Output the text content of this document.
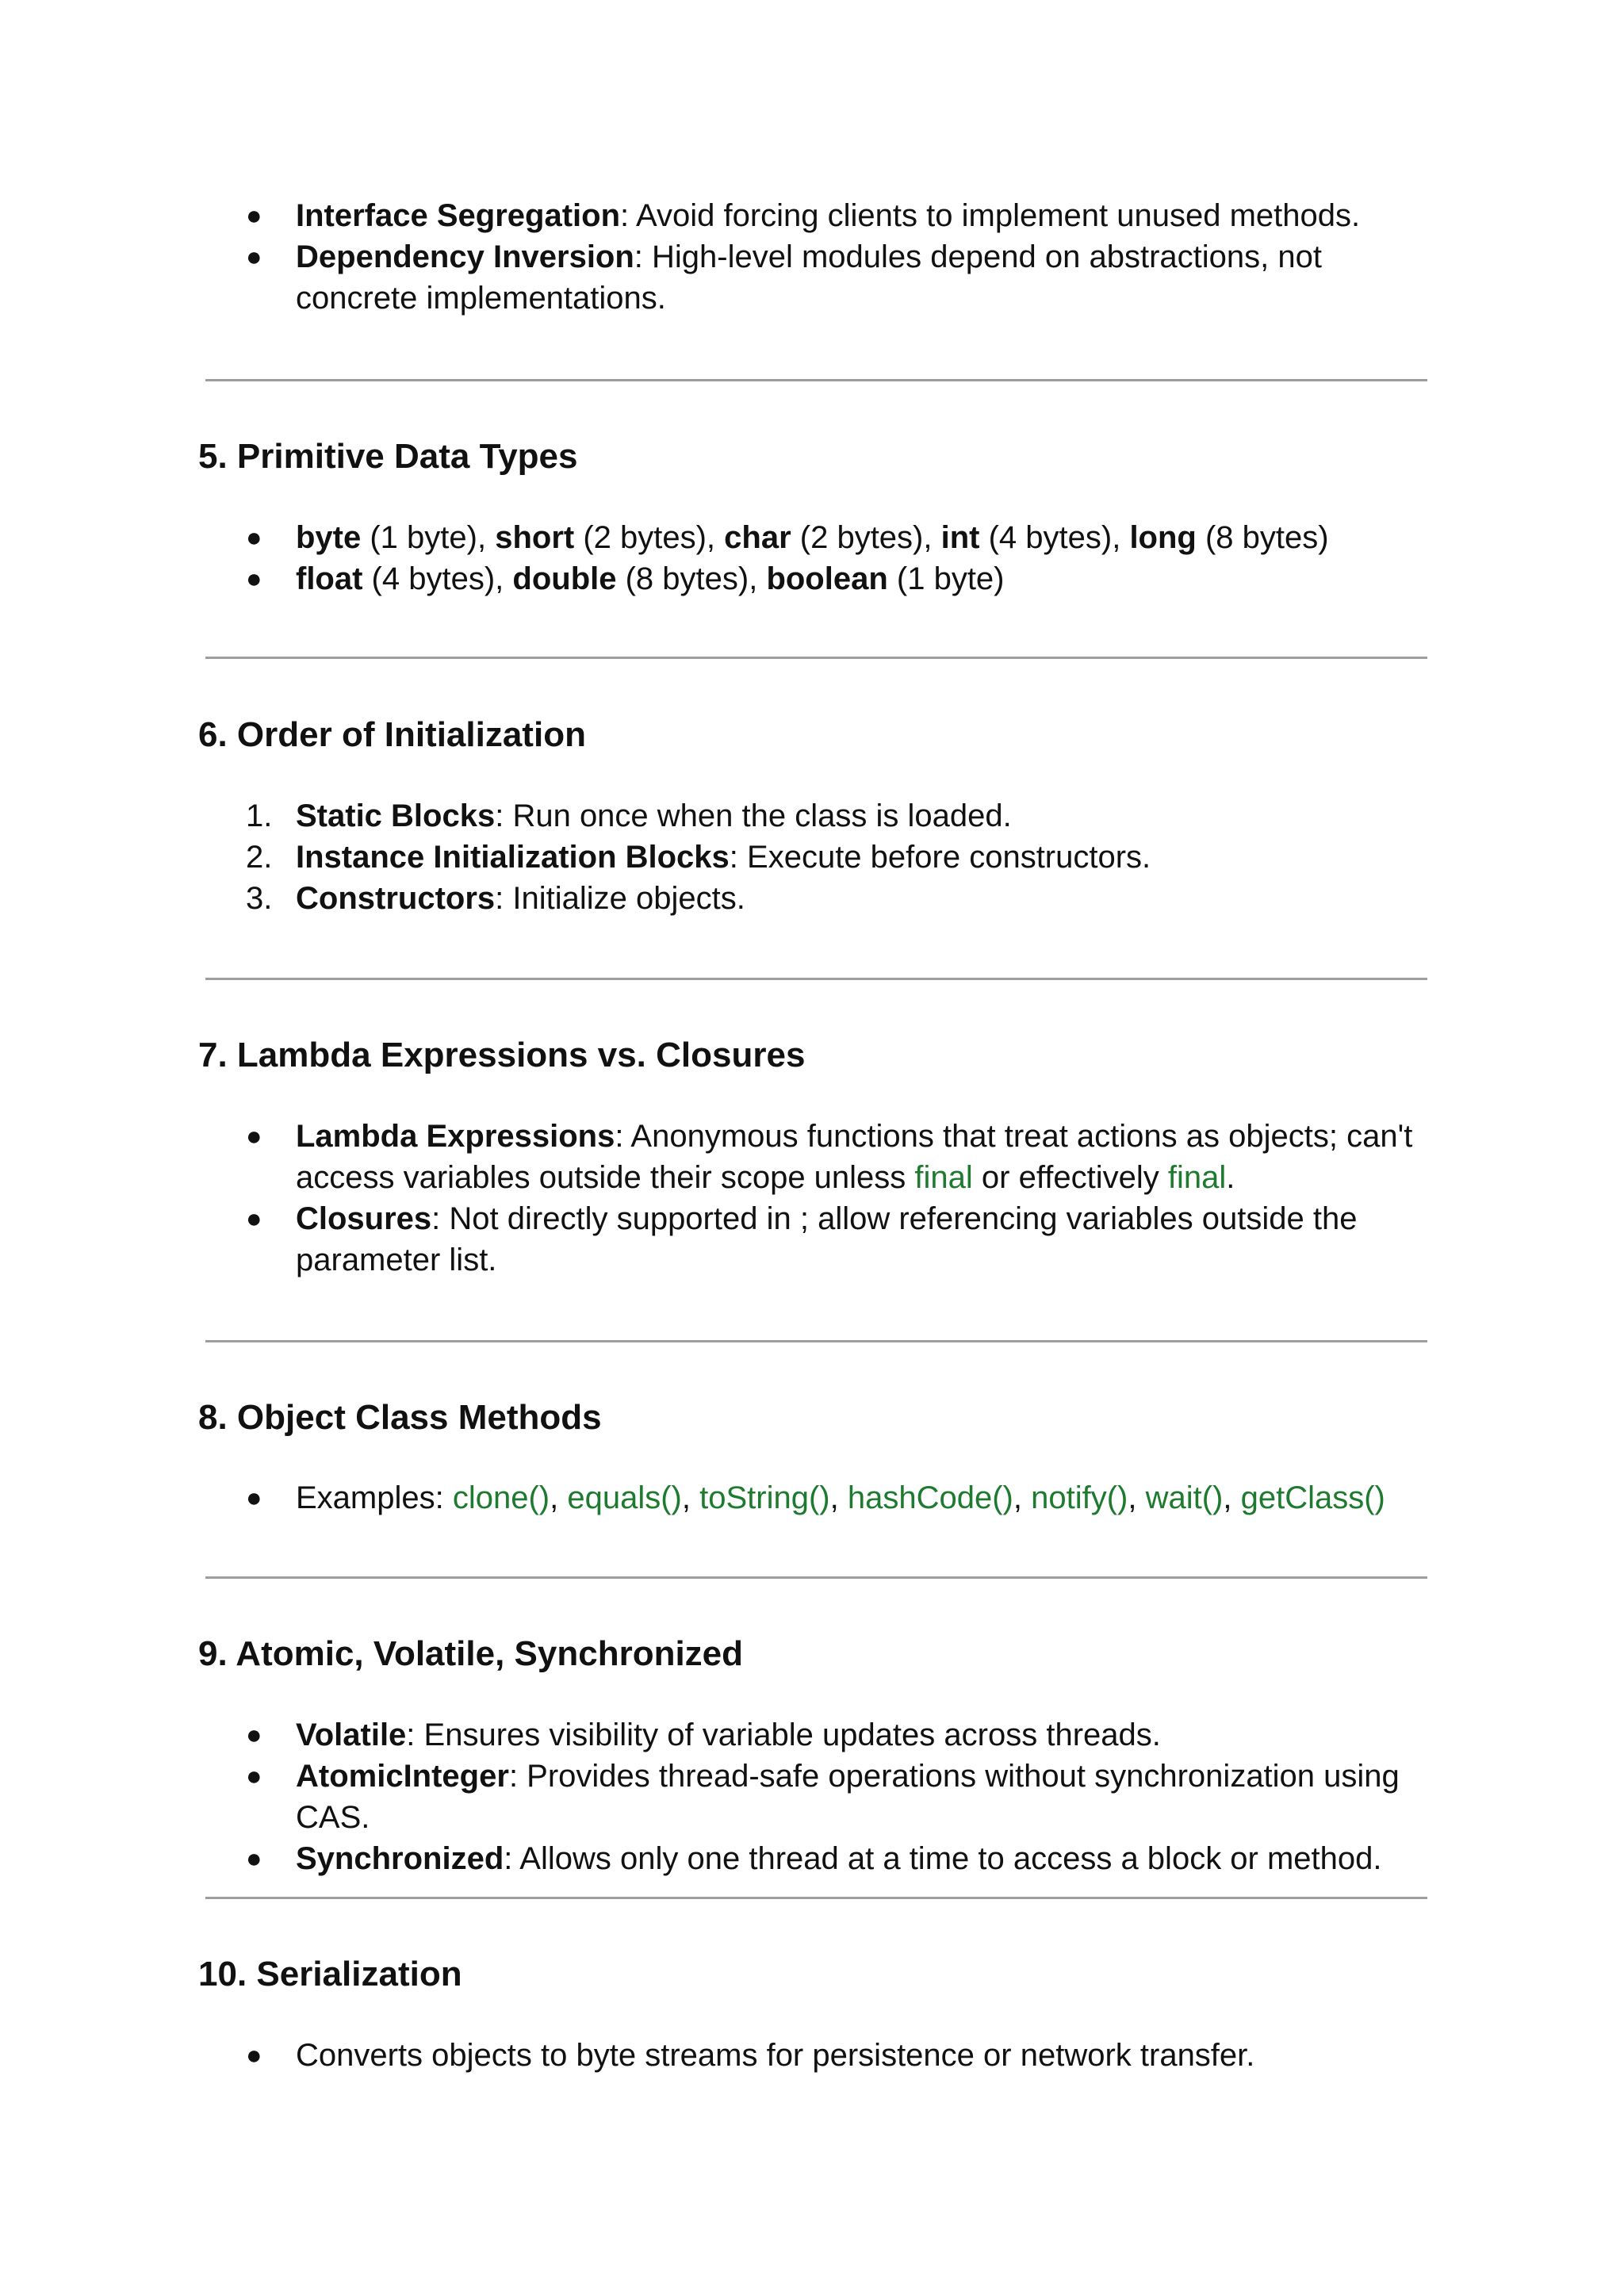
● Interface Segregation: Avoid forcing clients to implement unused methods.
● Dependency Inversion: High-level modules depend on abstractions, not concrete implementations.
5. Primitive Data Types
● byte (1 byte), short (2 bytes), char (2 bytes), int (4 bytes), long (8 bytes)
● float (4 bytes), double (8 bytes), boolean (1 byte)
6. Order of Initialization
1. Static Blocks: Run once when the class is loaded.
2. Instance Initialization Blocks: Execute before constructors.
3. Constructors: Initialize objects.
7. Lambda Expressions vs. Closures
● Lambda Expressions: Anonymous functions that treat actions as objects; can't access variables outside their scope unless final or effectively final.
● Closures: Not directly supported in ; allow referencing variables outside the parameter list.
8. Object Class Methods
● Examples: clone(), equals(), toString(), hashCode(), notify(), wait(), getClass()
9. Atomic, Volatile, Synchronized
● Volatile: Ensures visibility of variable updates across threads.
● AtomicInteger: Provides thread-safe operations without synchronization using CAS.
● Synchronized: Allows only one thread at a time to access a block or method.
10. Serialization
● Converts objects to byte streams for persistence or network transfer.
